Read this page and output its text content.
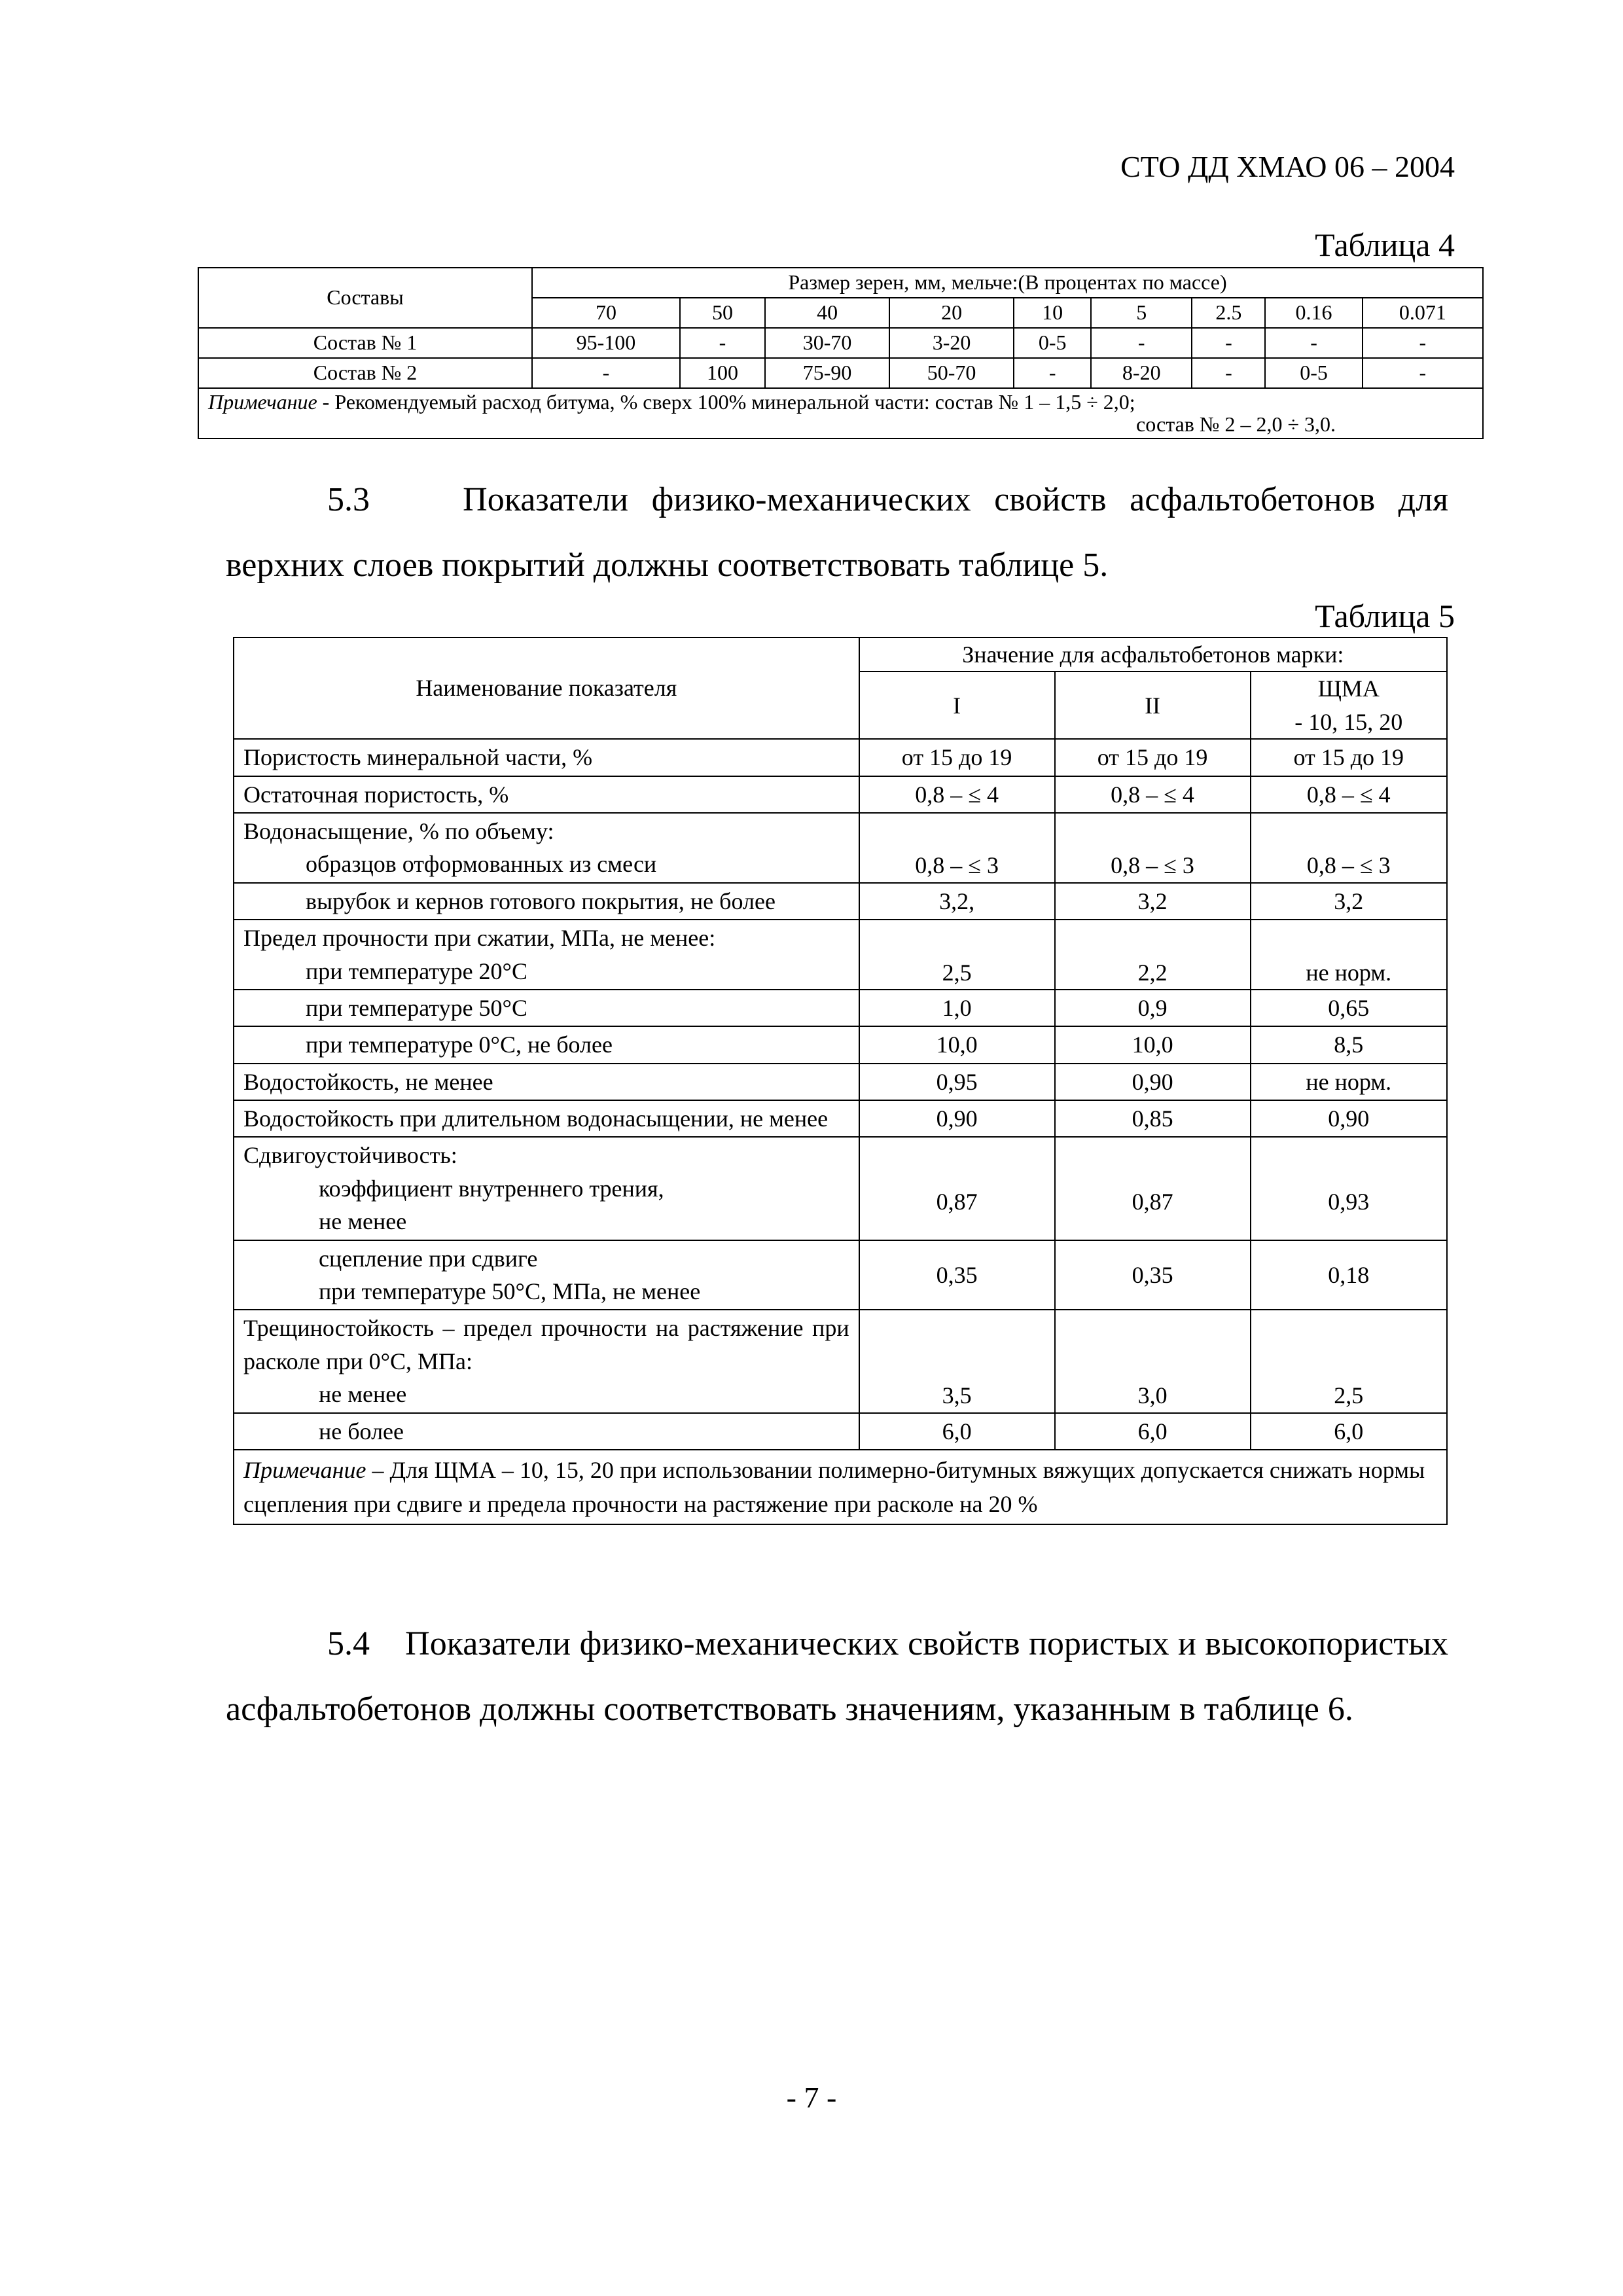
СТО ДД ХМАО 06 – 2004
Таблица 4
Составы	Размер зерен, мм, мельче:(В процентах по массе)								
	70	50	40	20	10	5	2.5	0.16	0.071
Состав № 1	95-100	-	30-70	3-20	0-5	-	-	-	-
Состав № 2	-	100	75-90	50-70	-	8-20	-	0-5	-
Примечание - Рекомендуемый расход битума, % сверх 100% минеральной части: состав № 1 – 1,5 ÷ 2,0;
состав № 2 – 2,0 ÷ 3,0.									
5.3	Показатели физико-механических свойств асфальтобетонов для верхних слоев покрытий должны соответствовать таблице 5.
Таблица 5
Наименование показателя	Значение для асфальтобетонов марки:		
	I	II	ЩМА
- 10, 15, 20

Пористость минеральной части, %	от 15 до 19	от 15 до 19	от 15 до 19
Остаточная пористость, %	0,8 – ≤ 4	0,8 – ≤ 4	0,8 – ≤ 4

Водонасыщение, % по объему:
образцов отформованных из смеси	0,8 – ≤ 3	0,8 – ≤ 3	0,8 – ≤ 3
вырубок и кернов готового покрытия, не более	3,2,	3,2	3,2

Предел прочности при сжатии, МПа, не менее:
при температуре 20°С	2,5	2,2	не норм.

при температуре 50°С	1,0	0,9	0,65

при температуре 0°С, не более	10,0	10,0	8,5
Водостойкость, не менее	0,95	0,90	не норм.
Водостойкость при длительном водонасыщении, не менее	0,90	0,85	0,90

Сдвигоустойчивость:
коэффициент внутреннего трения,
не менее	0,87	0,87	0,93

сцепление при сдвиге
при температуре 50°С, МПа, не менее	0,35	0,35	0,18

Трещиностойкость – предел прочности на растяжение при расколе при 0°С, МПа:
не менее	3,5	3,0	2,5

не более	6,0	6,0	6,0
Примечание – Для ЩМА – 10, 15, 20 при использовании полимерно-битумных вяжущих допускается снижать нормы сцепления при сдвиге и предела прочности на растяжение при расколе на 20 %			
5.4 Показатели физико-механических свойств пористых и высокопористых асфальтобетонов должны соответствовать значениям, указанным в таблице 6.
- 7 -
